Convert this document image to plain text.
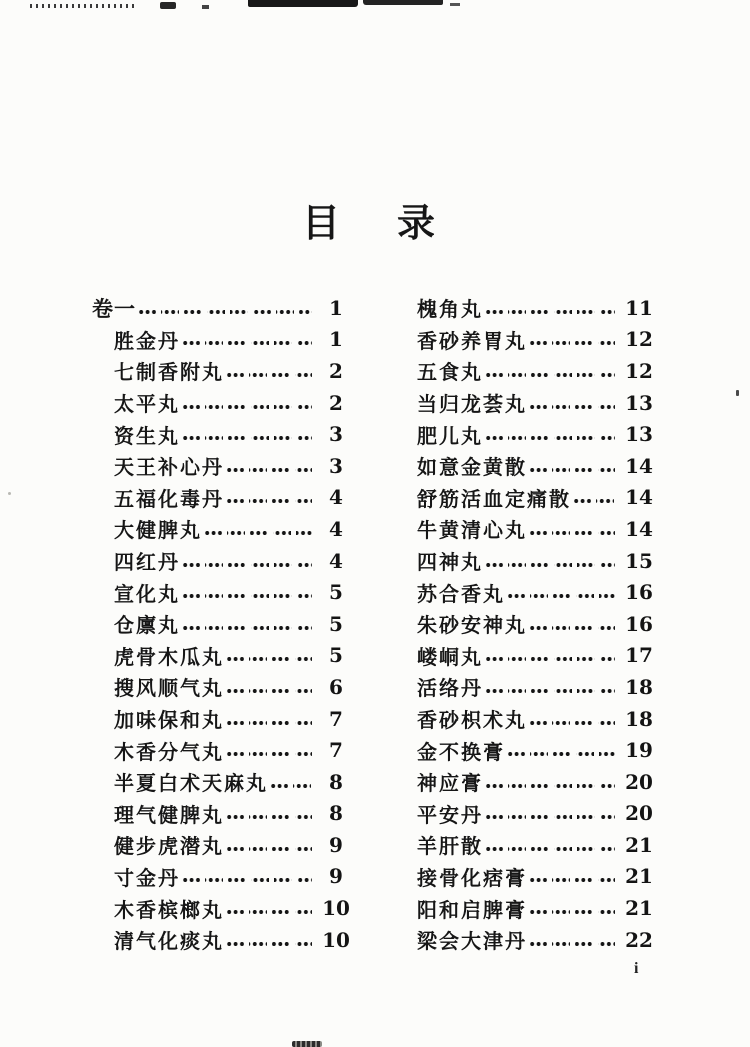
目录
卷一	1
胜金丹	1
七制香附丸	2
太平丸	2
资生丸	3
天王补心丹	3
五福化毒丹	4
大健脾丸	4
四红丹	4
宣化丸	5
仓廪丸	5
虎骨木瓜丸	5
搜风顺气丸	6
加味保和丸	7
木香分气丸	7
半夏白术天麻丸	8
理气健脾丸	8
健步虎潜丸	9
寸金丹	9
木香槟榔丸	10
清气化痰丸	10
槐角丸	11
香砂养胃丸	12
五食丸	12
当归龙荟丸	13
肥儿丸	13
如意金黄散	14
舒筋活血定痛散	14
牛黄清心丸	14
四神丸	15
苏合香丸	16
朱砂安神丸	16
嵝峒丸	17
活络丹	18
香砂枳术丸	18
金不换膏	19
神应膏	20
平安丹	20
羊肝散	21
接骨化痞膏	21
阳和启脾膏	21
梁会大津丹	22
i
